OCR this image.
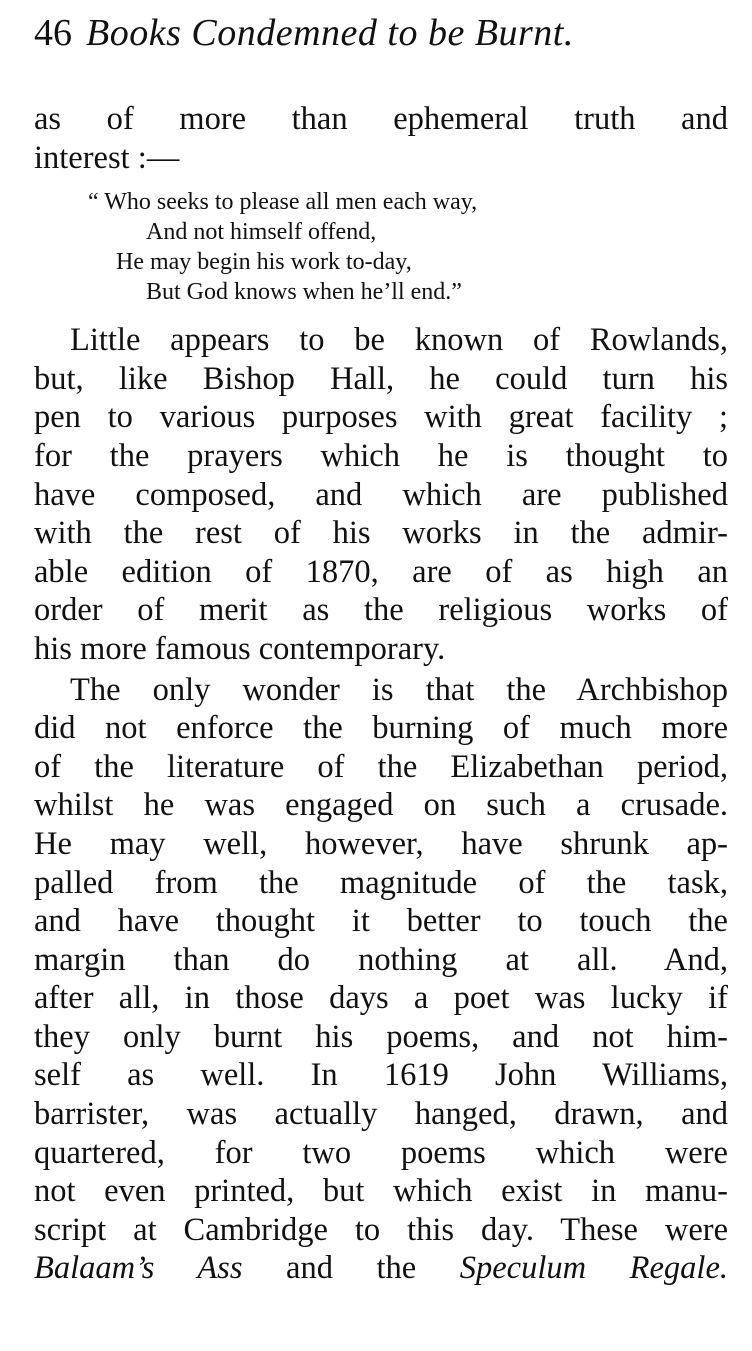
46 Books Condemned to be Burnt.
as of more than ephemeral truth and
interest :—
“ Who seeks to please all men each way,
And not himself offend,
He may begin his work to-day,
But God knows when he’ll end.”
Little appears to be known of Rowlands,
but, like Bishop Hall, he could turn his
pen to various purposes with great facility ;
for the prayers which he is thought to
have composed, and which are published
with the rest of his works in the admir-
able edition of 1870, are of as high an
order of merit as the religious works of
his more famous contemporary.
The only wonder is that the Archbishop
did not enforce the burning of much more
of the literature of the Elizabethan period,
whilst he was engaged on such a crusade.
He may well, however, have shrunk ap-
palled from the magnitude of the task,
and have thought it better to touch the
margin than do nothing at all. And,
after all, in those days a poet was lucky if
they only burnt his poems, and not him-
self as well. In 1619 John Williams,
barrister, was actually hanged, drawn, and
quartered, for two poems which were
not even printed, but which exist in manu-
script at Cambridge to this day. These were
Balaam’s Ass and the Speculum Regale.
